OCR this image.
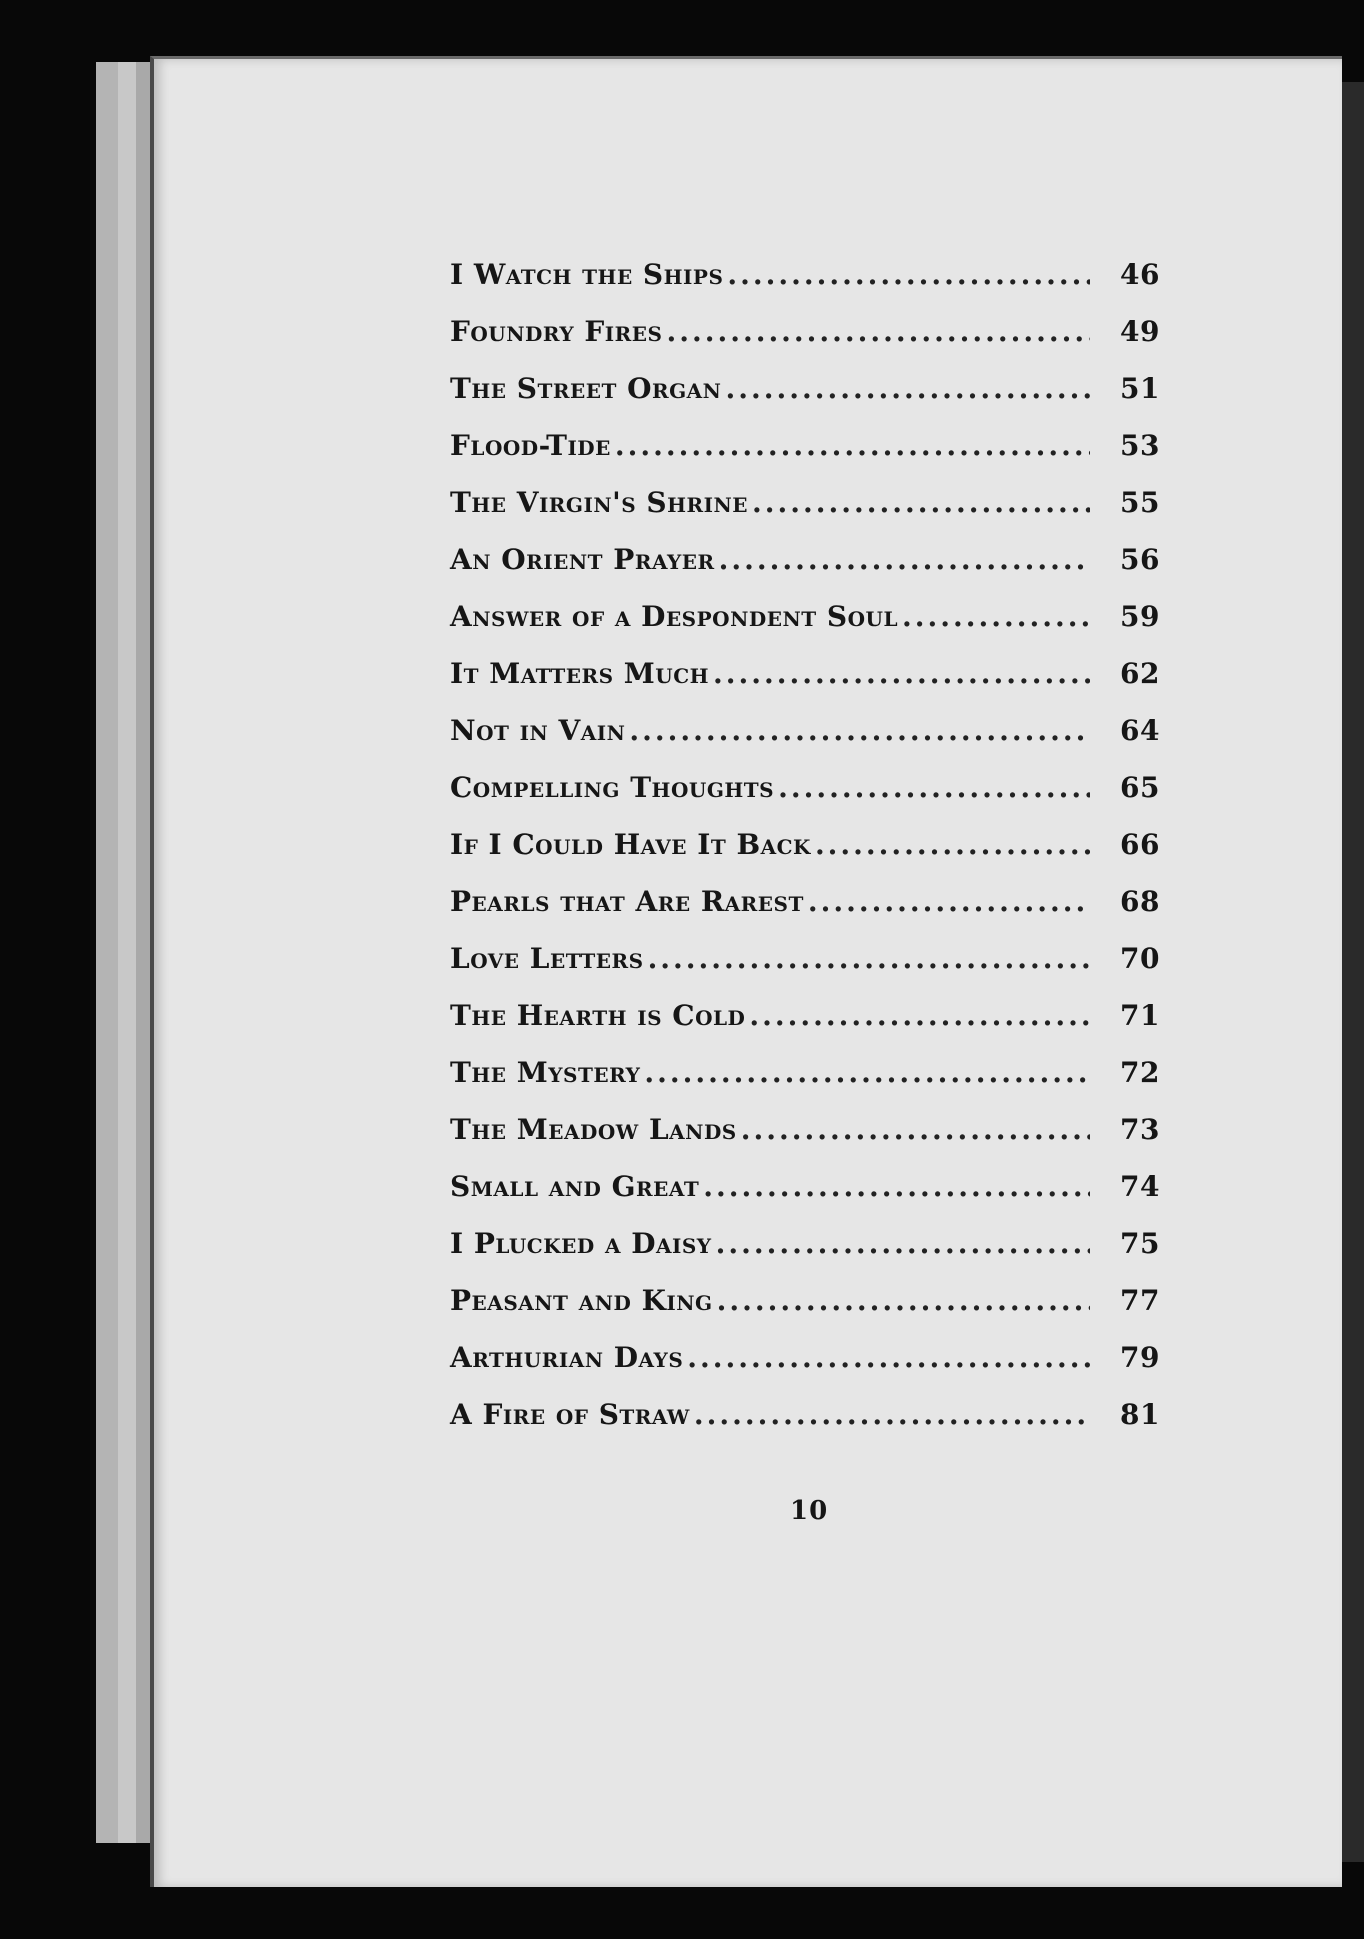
I Watch the Ships .....	46
Foundry Fires .....	49
The Street Organ .....	51
Flood-Tide .....	53
The Virgin's Shrine .....	55
An Orient Prayer .....	56
Answer of a Despondent Soul .....	59
It Matters Much .....	62
Not in Vain .....	64
Compelling Thoughts .....	65
If I Could Have It Back .....	66
Pearls that Are Rarest .....	68
Love Letters .....	70
The Hearth is Cold .....	71
The Mystery .....	72
The Meadow Lands .....	73
Small and Great .....	74
I Plucked a Daisy .....	75
Peasant and King .....	77
Arthurian Days .....	79
A Fire of Straw .....	81
10
